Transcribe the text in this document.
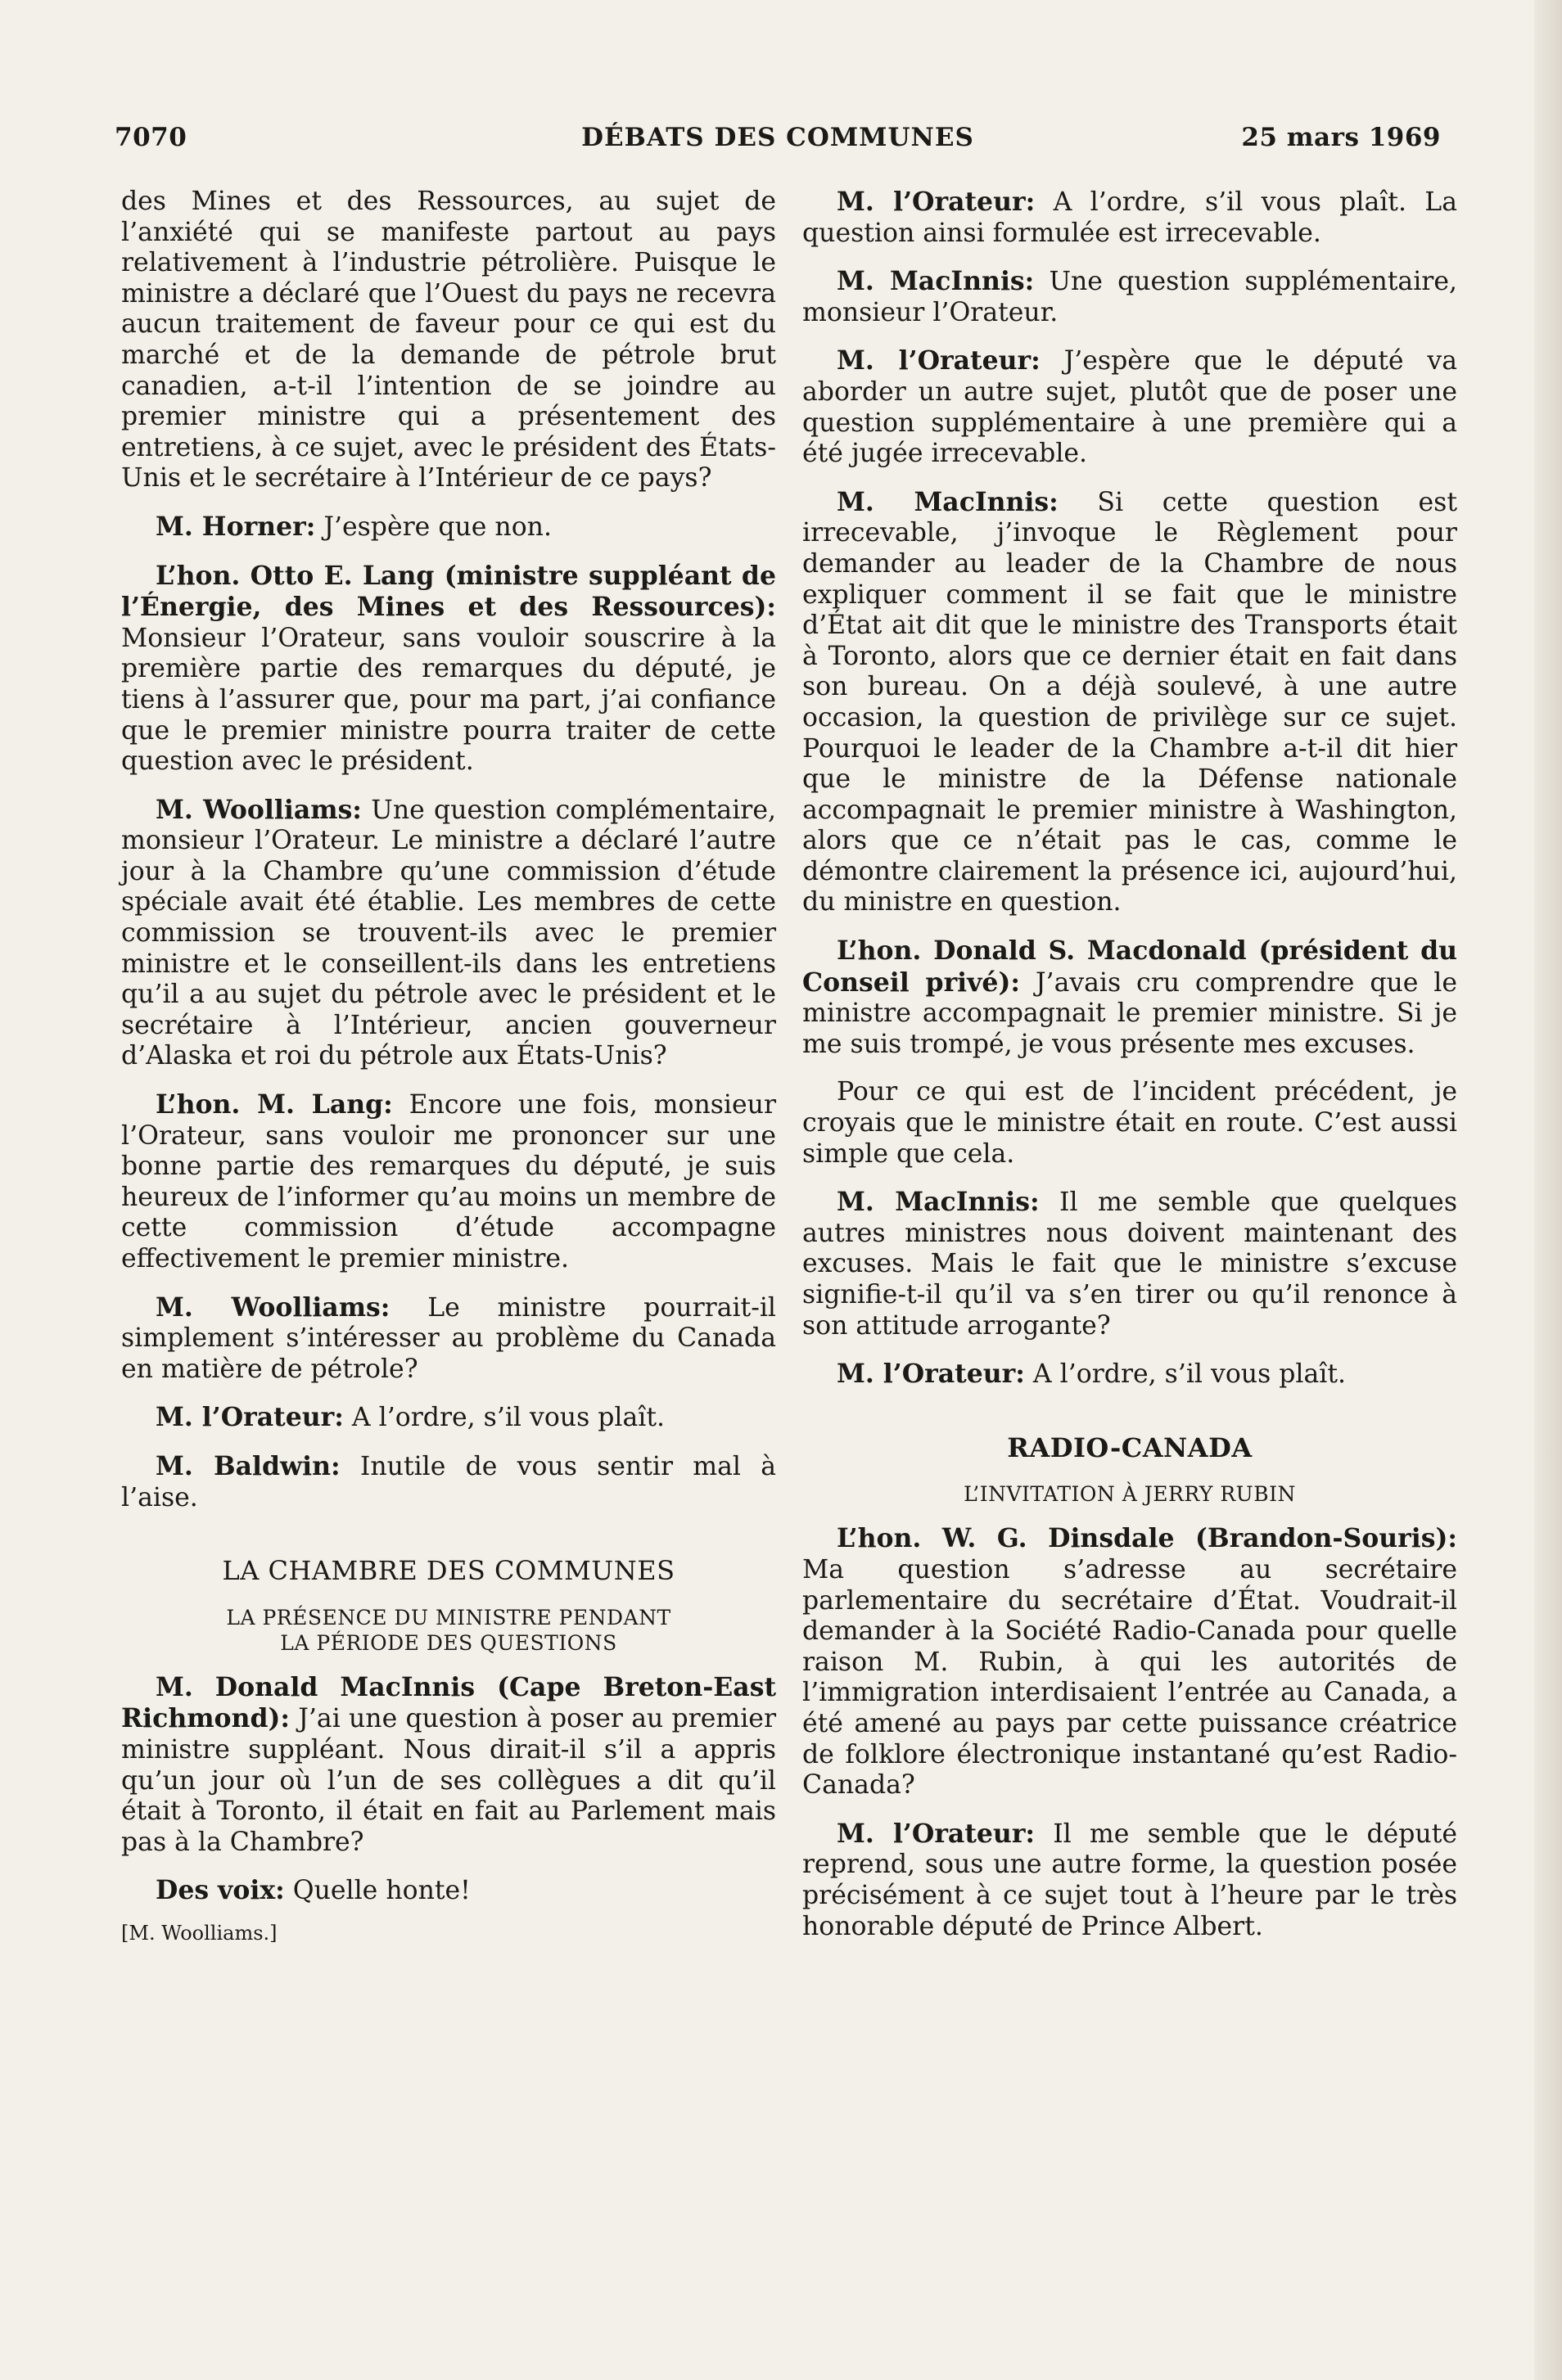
7070	DÉBATS DES COMMUNES	25 mars 1969

des Mines et des Ressources, au sujet de l’anxiété qui se manifeste partout au pays relativement à l’industrie pétrolière. Puisque le ministre a déclaré que l’Ouest du pays ne recevra aucun traitement de faveur pour ce qui est du marché et de la demande de pétrole brut canadien, a-t-il l’intention de se joindre au premier ministre qui a présentement des entretiens, à ce sujet, avec le président des États-Unis et le secrétaire à l’Intérieur de ce pays?

M. Horner: J’espère que non.

L’hon. Otto E. Lang (ministre suppléant de l’Énergie, des Mines et des Ressources): Monsieur l’Orateur, sans vouloir souscrire à la première partie des remarques du député, je tiens à l’assurer que, pour ma part, j’ai confiance que le premier ministre pourra traiter de cette question avec le président.

M. Woolliams: Une question complémentaire, monsieur l’Orateur. Le ministre a déclaré l’autre jour à la Chambre qu’une commission d’étude spéciale avait été établie. Les membres de cette commission se trouvent-ils avec le premier ministre et le conseillent-ils dans les entretiens qu’il a au sujet du pétrole avec le président et le secrétaire à l’Intérieur, ancien gouverneur d’Alaska et roi du pétrole aux États-Unis?

L’hon. M. Lang: Encore une fois, monsieur l’Orateur, sans vouloir me prononcer sur une bonne partie des remarques du député, je suis heureux de l’informer qu’au moins un membre de cette commission d’étude accompagne effectivement le premier ministre.

M. Woolliams: Le ministre pourrait-il simplement s’intéresser au problème du Canada en matière de pétrole?

M. l’Orateur: A l’ordre, s’il vous plaît.

M. Baldwin: Inutile de vous sentir mal à l’aise.

LA CHAMBRE DES COMMUNES
LA PRÉSENCE DU MINISTRE PENDANT
LA PÉRIODE DES QUESTIONS

M. Donald MacInnis (Cape Breton-East Richmond): J’ai une question à poser au premier ministre suppléant. Nous dirait-il s’il a appris qu’un jour où l’un de ses collègues a dit qu’il était à Toronto, il était en fait au Parlement mais pas à la Chambre?

Des voix: Quelle honte!

[M. Woolliams.]

M. l’Orateur: A l’ordre, s’il vous plaît. La question ainsi formulée est irrecevable.

M. MacInnis: Une question supplémentaire, monsieur l’Orateur.

M. l’Orateur: J’espère que le député va aborder un autre sujet, plutôt que de poser une question supplémentaire à une première qui a été jugée irrecevable.

M. MacInnis: Si cette question est irrecevable, j’invoque le Règlement pour demander au leader de la Chambre de nous expliquer comment il se fait que le ministre d’État ait dit que le ministre des Transports était à Toronto, alors que ce dernier était en fait dans son bureau. On a déjà soulevé, à une autre occasion, la question de privilège sur ce sujet. Pourquoi le leader de la Chambre a-t-il dit hier que le ministre de la Défense nationale accompagnait le premier ministre à Washington, alors que ce n’était pas le cas, comme le démontre clairement la présence ici, aujourd’hui, du ministre en question.

L’hon. Donald S. Macdonald (président du Conseil privé): J’avais cru comprendre que le ministre accompagnait le premier ministre. Si je me suis trompé, je vous présente mes excuses.

Pour ce qui est de l’incident précédent, je croyais que le ministre était en route. C’est aussi simple que cela.

M. MacInnis: Il me semble que quelques autres ministres nous doivent maintenant des excuses. Mais le fait que le ministre s’excuse signifie-t-il qu’il va s’en tirer ou qu’il renonce à son attitude arrogante?

M. l’Orateur: A l’ordre, s’il vous plaît.

RADIO-CANADA
L’INVITATION À JERRY RUBIN

L’hon. W. G. Dinsdale (Brandon-Souris): Ma question s’adresse au secrétaire parlementaire du secrétaire d’État. Voudrait-il demander à la Société Radio-Canada pour quelle raison M. Rubin, à qui les autorités de l’immigration interdisaient l’entrée au Canada, a été amené au pays par cette puissance créatrice de folklore électronique instantané qu’est Radio-Canada?

M. l’Orateur: Il me semble que le député reprend, sous une autre forme, la question posée précisément à ce sujet tout à l’heure par le très honorable député de Prince Albert.
